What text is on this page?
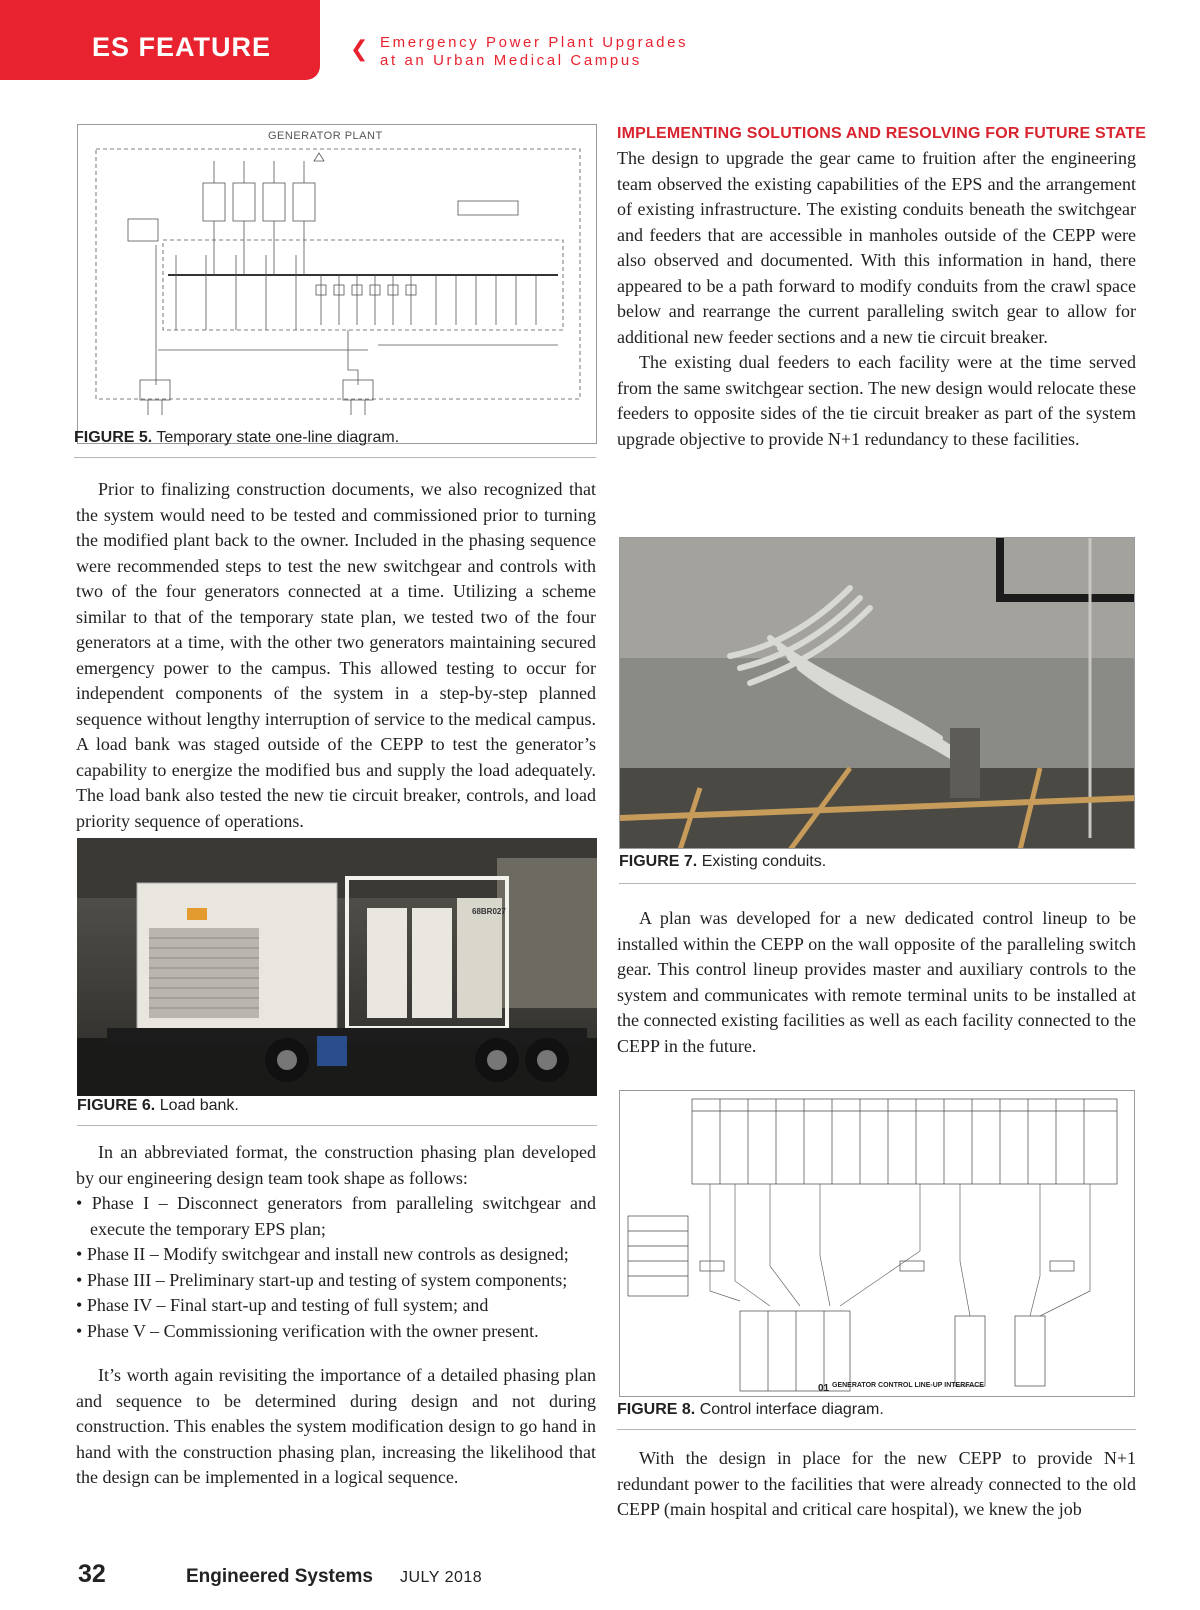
ES FEATURE	❮ Emergency Power Plant Upgrades
at an Urban Medical Campus
GENERATOR PLANT
FIGURE 5. Temporary state one-line diagram.

Prior to finalizing construction documents, we also recognized that the system would need to be tested and commissioned prior to turning the modified plant back to the owner. Included in the phasing sequence were recommended steps to test the new switchgear and controls with two of the four generators connected at a time. Utilizing a scheme similar to that of the temporary state plan, we tested two of the four generators at a time, with the other two generators maintaining secured emergency power to the campus. This allowed testing to occur for independent components of the system in a step-by-step planned sequence without lengthy interruption of service to the medical campus. A load bank was staged outside of the CEPP to test the generator’s capability to energize the modified bus and supply the load adequately. The load bank also tested the new tie circuit breaker, controls, and load priority sequence of operations.

68BR027
FIGURE 6. Load bank.

In an abbreviated format, the construction phasing plan developed by our engineering design team took shape as follows:

• Phase I – Disconnect generators from paralleling switchgear and execute the temporary EPS plan;
• Phase II – Modify switchgear and install new controls as designed;
• Phase III – Preliminary start-up and testing of system components;
• Phase IV – Final start-up and testing of full system; and
• Phase V – Commissioning verification with the owner present.

It’s worth again revisiting the importance of a detailed phasing plan and sequence to be determined during design and not during construction. This enables the system modification design to go hand in hand with the construction phasing plan, increasing the likelihood that the design can be implemented in a logical sequence.

IMPLEMENTING SOLUTIONS AND RESOLVING FOR FUTURE STATE

The design to upgrade the gear came to fruition after the engineering team observed the existing capabilities of the EPS and the arrangement of existing infrastructure. The existing conduits beneath the switchgear and feeders that are accessible in manholes outside of the CEPP were also observed and documented. With this information in hand, there appeared to be a path forward to modify conduits from the crawl space below and rearrange the current paralleling switch gear to allow for additional new feeder sections and a new tie circuit breaker.

The existing dual feeders to each facility were at the time served from the same switchgear section. The new design would relocate these feeders to opposite sides of the tie circuit breaker as part of the system upgrade objective to provide N+1 redundancy to these facilities.

FIGURE 7. Existing conduits.

A plan was developed for a new dedicated control lineup to be installed within the CEPP on the wall opposite of the paralleling switch gear. This control lineup provides master and auxiliary controls to the system and communicates with remote terminal units to be installed at the connected existing facilities as well as each facility connected to the CEPP in the future.

01 GENERATOR CONTROL LINE-UP INTERFACE
FIGURE 8. Control interface diagram.

With the design in place for the new CEPP to provide N+1 redundant power to the facilities that were already connected to the old CEPP (main hospital and critical care hospital), we knew the job

32	Engineered Systems JULY 2018
